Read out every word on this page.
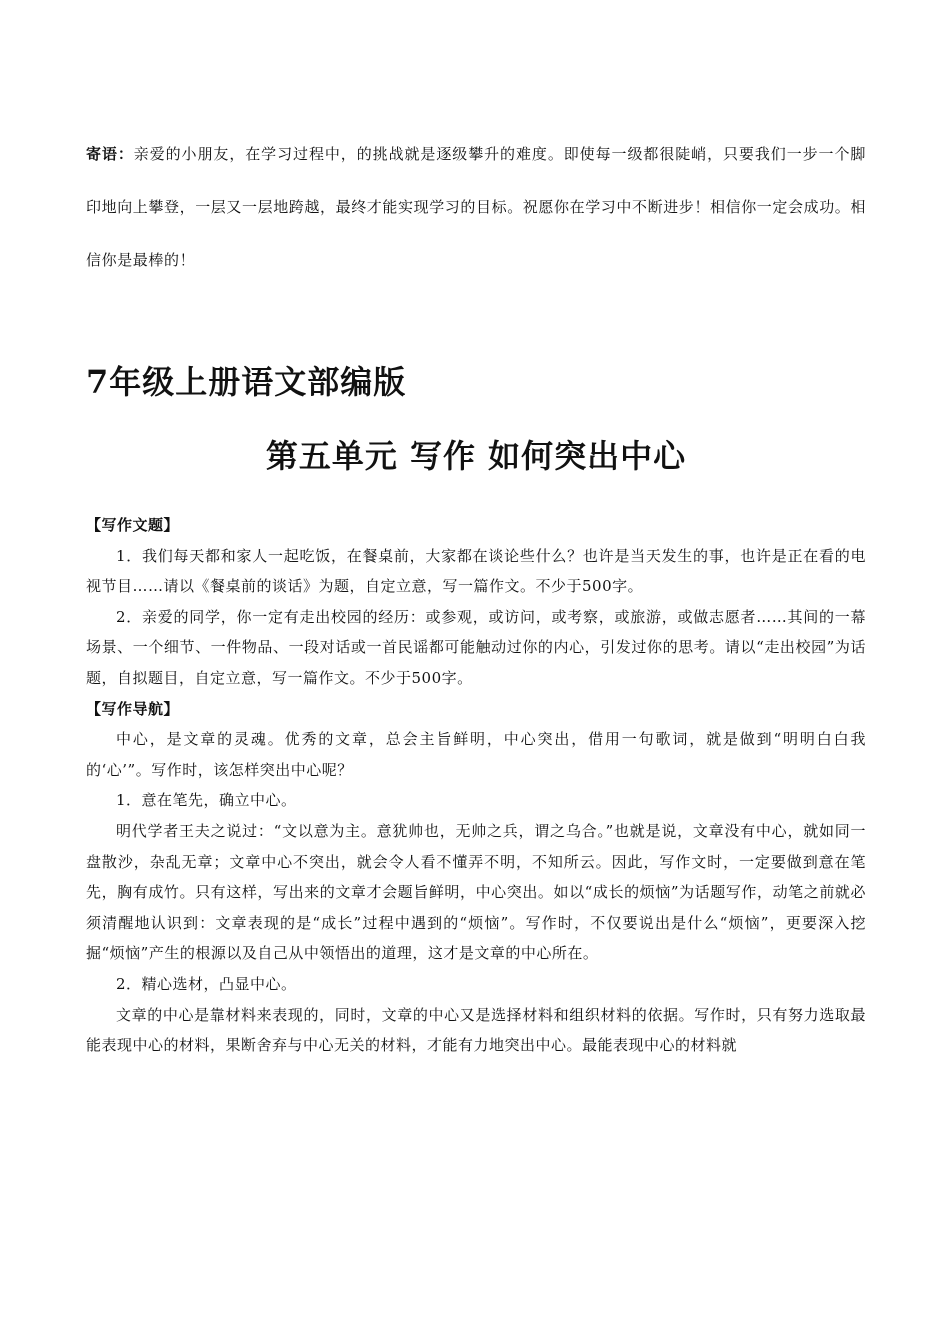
寄语：亲爱的小朋友，在学习过程中，的挑战就是逐级攀升的难度。即使每一级都很陡峭，只要我们一步一个脚印地向上攀登，一层又一层地跨越，最终才能实现学习的目标。祝愿你在学习中不断进步！相信你一定会成功。相信你是最棒的！
7年级上册语文部编版
第五单元 写作 如何突出中心

【写作文题】

1．我们每天都和家人一起吃饭，在餐桌前，大家都在谈论些什么？也许是当天发生的事，也许是正在看的电视节目……请以《餐桌前的谈话》为题，自定立意，写一篇作文。不少于500字。

2．亲爱的同学，你一定有走出校园的经历：或参观，或访问，或考察，或旅游，或做志愿者……其间的一幕场景、一个细节、一件物品、一段对话或一首民谣都可能触动过你的内心，引发过你的思考。请以“走出校园”为话题，自拟题目，自定立意，写一篇作文。不少于500字。

【写作导航】

中心，是文章的灵魂。优秀的文章，总会主旨鲜明，中心突出，借用一句歌词，就是做到“明明白白我的‘心’”。写作时，该怎样突出中心呢？

1．意在笔先，确立中心。

明代学者王夫之说过：“文以意为主。意犹帅也，无帅之兵，谓之乌合。”也就是说，文章没有中心，就如同一盘散沙，杂乱无章；文章中心不突出，就会令人看不懂弄不明，不知所云。因此，写作文时，一定要做到意在笔先，胸有成竹。只有这样，写出来的文章才会题旨鲜明，中心突出。如以“成长的烦恼”为话题写作，动笔之前就必须清醒地认识到：文章表现的是“成长”过程中遇到的“烦恼”。写作时，不仅要说出是什么“烦恼”，更要深入挖掘“烦恼”产生的根源以及自己从中领悟出的道理，这才是文章的中心所在。

2．精心选材，凸显中心。

文章的中心是靠材料来表现的，同时，文章的中心又是选择材料和组织材料的依据。写作时，只有努力选取最能表现中心的材料，果断舍弃与中心无关的材料，才能有力地突出中心。最能表现中心的材料就
